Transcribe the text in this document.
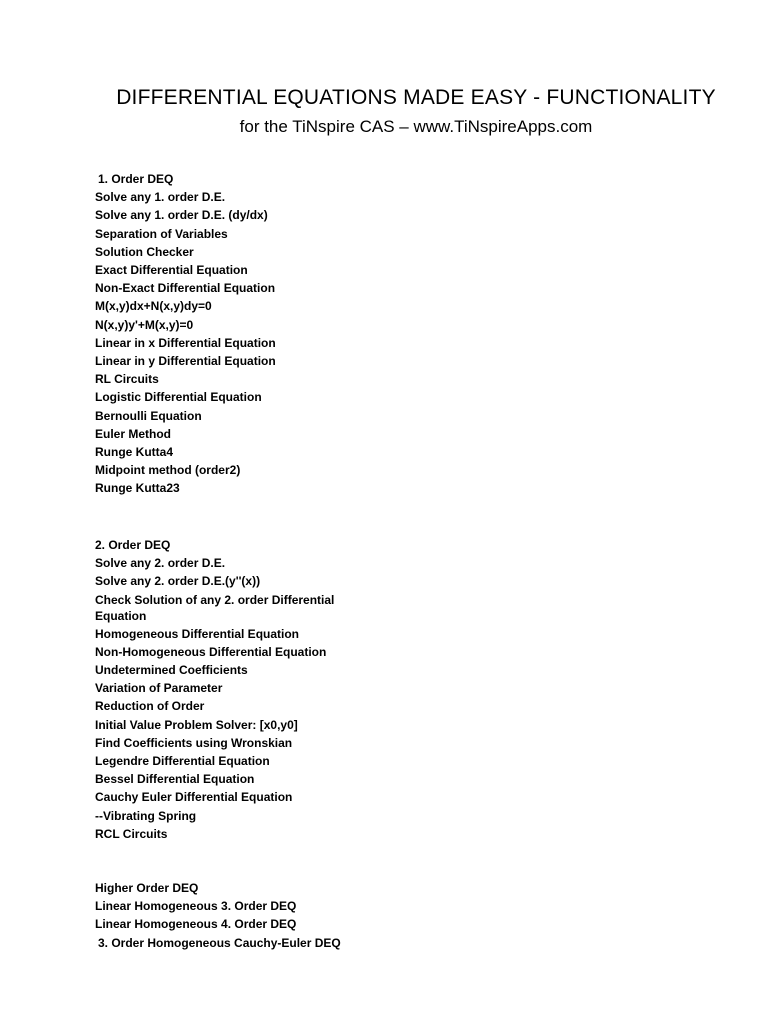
DIFFERENTIAL EQUATIONS MADE EASY - FUNCTIONALITY
for the TiNspire CAS – www.TiNspireApps.com
1. Order DEQ
Solve any 1. order D.E.
Solve any 1. order D.E. (dy/dx)
Separation of Variables
Solution Checker
Exact Differential Equation
Non-Exact Differential Equation
M(x,y)dx+N(x,y)dy=0
N(x,y)y'+M(x,y)=0
Linear in x Differential Equation
Linear in y Differential Equation
RL Circuits
Logistic Differential Equation
Bernoulli Equation
Euler Method
Runge Kutta4
Midpoint method (order2)
Runge Kutta23
2. Order DEQ
Solve any 2. order D.E.
Solve any 2. order D.E.(y''(x))
Check Solution of any 2. order Differential Equation
Homogeneous Differential Equation
Non-Homogeneous Differential Equation
Undetermined Coefficients
Variation of Parameter
Reduction of Order
Initial Value Problem Solver: [x0,y0]
Find Coefficients using Wronskian
Legendre Differential Equation
Bessel Differential Equation
Cauchy Euler Differential Equation
--Vibrating Spring
RCL Circuits
Higher Order DEQ
Linear Homogeneous 3. Order DEQ
Linear Homogeneous 4. Order DEQ
3. Order Homogeneous Cauchy-Euler DEQ
